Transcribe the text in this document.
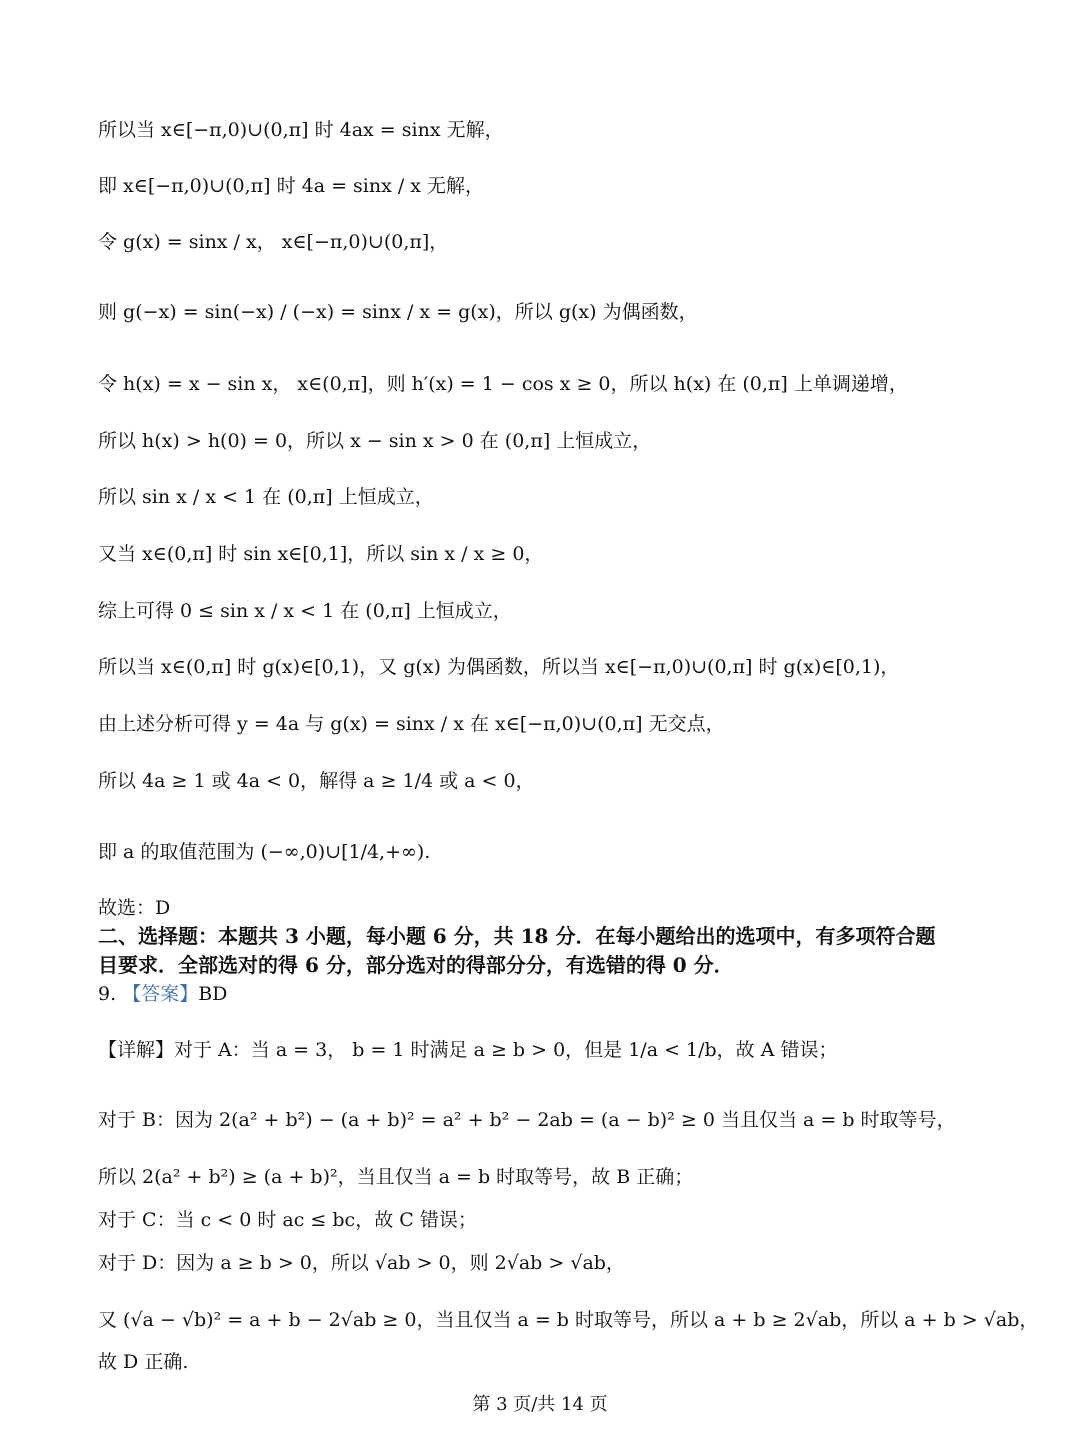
所以当 x∈[−π,0)∪(0,π] 时 4ax = sinx 无解，
即 x∈[−π,0)∪(0,π] 时 4a = sinx / x 无解，
令 g(x) = sinx / x， x∈[−π,0)∪(0,π]，
则 g(−x) = sin(−x) / (−x) = sinx / x = g(x)，所以 g(x) 为偶函数，
令 h(x) = x − sin x， x∈(0,π]，则 h′(x) = 1 − cos x ≥ 0，所以 h(x) 在 (0,π] 上单调递增，
所以 h(x) > h(0) = 0，所以 x − sin x > 0 在 (0,π] 上恒成立，
所以 sin x / x < 1 在 (0,π] 上恒成立，
又当 x∈(0,π] 时 sin x∈[0,1]，所以 sin x / x ≥ 0，
综上可得 0 ≤ sin x / x < 1 在 (0,π] 上恒成立，
所以当 x∈(0,π] 时 g(x)∈[0,1)，又 g(x) 为偶函数，所以当 x∈[−π,0)∪(0,π] 时 g(x)∈[0,1)，
由上述分析可得 y = 4a 与 g(x) = sinx / x 在 x∈[−π,0)∪(0,π] 无交点，
所以 4a ≥ 1 或 4a < 0，解得 a ≥ 1/4 或 a < 0，
即 a 的取值范围为 (−∞,0)∪[1/4,+∞).
故选：D
二、选择题：本题共 3 小题，每小题 6 分，共 18 分．在每小题给出的选项中，有多项符合题
目要求．全部选对的得 6 分，部分选对的得部分分，有选错的得 0 分．
9. 【答案】BD
【详解】对于 A：当 a = 3， b = 1 时满足 a ≥ b > 0，但是 1/a < 1/b，故 A 错误；
对于 B：因为 2(a² + b²) − (a + b)² = a² + b² − 2ab = (a − b)² ≥ 0 当且仅当 a = b 时取等号，
所以 2(a² + b²) ≥ (a + b)²，当且仅当 a = b 时取等号，故 B 正确；
对于 C：当 c < 0 时 ac ≤ bc，故 C 错误；
对于 D：因为 a ≥ b > 0，所以 √ab > 0，则 2√ab > √ab，
又 (√a − √b)² = a + b − 2√ab ≥ 0，当且仅当 a = b 时取等号，所以 a + b ≥ 2√ab，所以 a + b > √ab，
故 D 正确.
第 3 页/共 14 页
